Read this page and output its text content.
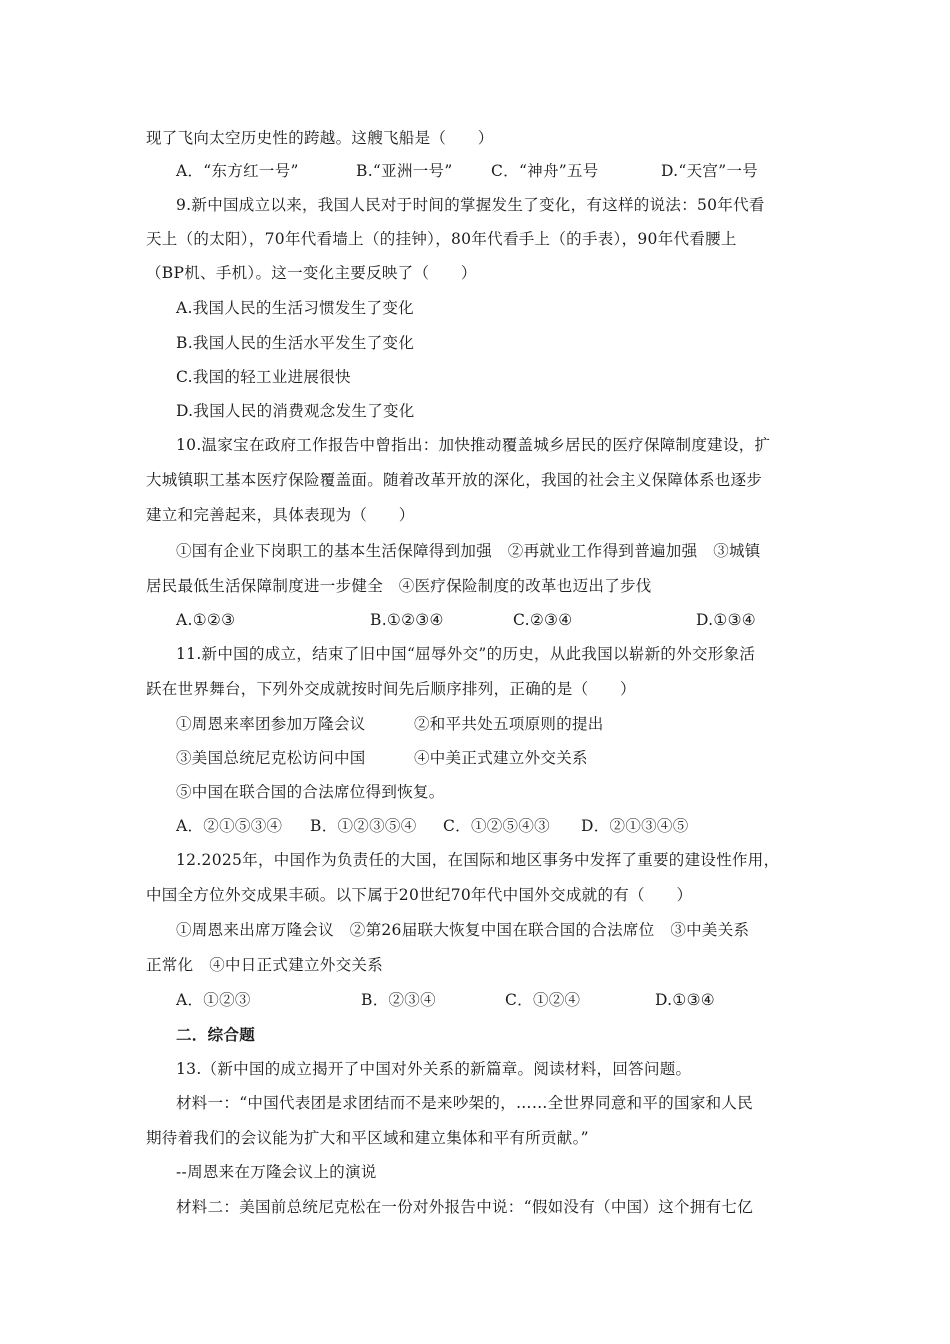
现了飞向太空历史性的跨越。这艘飞船是（　　）
A．“东方红一号”	B.“亚洲一号” C．“神舟”五号	D.“天宫”一号
9.新中国成立以来，我国人民对于时间的掌握发生了变化，有这样的说法：50年代看
天上（的太阳），70年代看墙上（的挂钟），80年代看手上（的手表），90年代看腰上
（BP机、手机）。这一变化主要反映了（　　）
A.我国人民的生活习惯发生了变化
B.我国人民的生活水平发生了变化
C.我国的轻工业进展很快
D.我国人民的消费观念发生了变化
10.温家宝在政府工作报告中曾指出：加快推动覆盖城乡居民的医疗保障制度建设，扩
大城镇职工基本医疗保险覆盖面。随着改革开放的深化，我国的社会主义保障体系也逐步
建立和完善起来，具体表现为（　　）
①国有企业下岗职工的基本生活保障得到加强　②再就业工作得到普遍加强　③城镇
居民最低生活保障制度进一步健全　④医疗保险制度的改革也迈出了步伐
A.①②③	B.①②③④	C.②③④	D.①③④
11.新中国的成立，结束了旧中国“屈辱外交”的历史，从此我国以崭新的外交形象活
跃在世界舞台，下列外交成就按时间先后顺序排列，正确的是（　　）
①周恩来率团参加万隆会议	②和平共处五项原则的提出
③美国总统尼克松访问中国	④中美正式建立外交关系
⑤中国在联合国的合法席位得到恢复。
A．②①⑤③④ B．①②③⑤④ C．①②⑤④③ D．②①③④⑤
12.2025年，中国作为负责任的大国，在国际和地区事务中发挥了重要的建设性作用，
中国全方位外交成果丰硕。以下属于20世纪70年代中国外交成就的有（　　）
①周恩来出席万隆会议　②第26届联大恢复中国在联合国的合法席位　③中美关系
正常化　④中日正式建立外交关系
A．①②③	B．②③④	C．①②④	D.①③④
二．综合题
13.（新中国的成立揭开了中国对外关系的新篇章。阅读材料，回答问题。
材料一：“中国代表团是求团结而不是来吵架的，……全世界同意和平的国家和人民
期待着我们的会议能为扩大和平区域和建立集体和平有所贡献。”
--周恩来在万隆会议上的演说
材料二：美国前总统尼克松在一份对外报告中说：“假如没有（中国）这个拥有七亿
